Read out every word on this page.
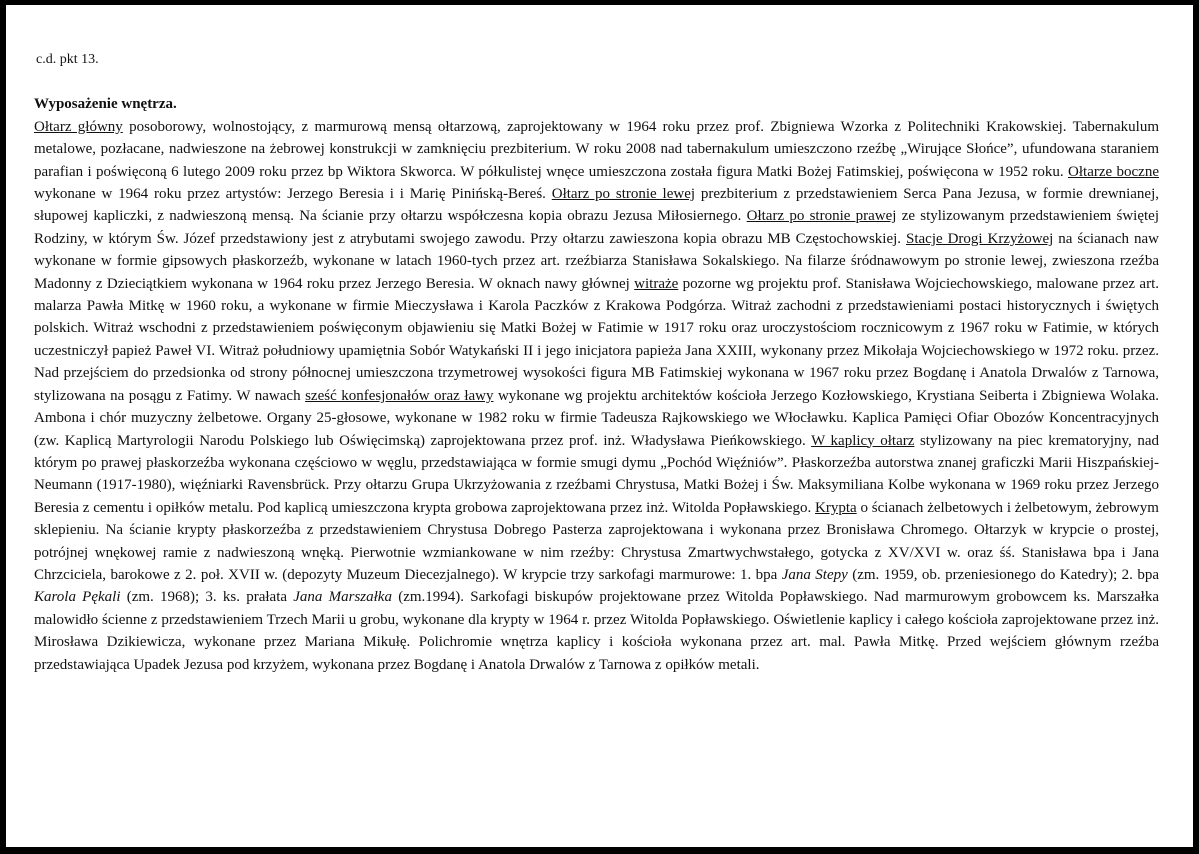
c.d. pkt 13.

Wyposażenie wnętrza.

Ołtarz główny posoborowy, wolnostojący, z marmurową mensą ołtarzową, zaprojektowany w 1964 roku przez prof. Zbigniewa Wzorka z Politechniki Krakowskiej. Tabernakulum metalowe, pozłacane, nadwieszone na żebrowej konstrukcji w zamknięciu prezbiterium. W roku 2008 nad tabernakulum umieszczono rzeźbę „Wirujące Słońce”, ufundowana staraniem parafian i poświęconą 6 lutego 2009 roku przez bp Wiktora Skworca. W półkulistej wnęce umieszczona została figura Matki Bożej Fatimskiej, poświęcona w 1952 roku. Ołtarze boczne wykonane w 1964 roku przez artystów: Jerzego Beresia i i Marię Pinińską-Bereś. Ołtarz po stronie lewej prezbiterium z przedstawieniem Serca Pana Jezusa, w formie drewnianej, słupowej kapliczki, z nadwieszoną mensą. Na ścianie przy ołtarzu współczesna kopia obrazu Jezusa Miłosiernego. Ołtarz po stronie prawej ze stylizowanym przedstawieniem świętej Rodziny, w którym Św. Józef przedstawiony jest z atrybutami swojego zawodu. Przy ołtarzu zawieszona kopia obrazu MB Częstochowskiej. Stacje Drogi Krzyżowej na ścianach naw wykonane w formie gipsowych płaskorzeźb, wykonane w latach 1960-tych przez art. rzeźbiarza Stanisława Sokalskiego. Na filarze śródnawowym po stronie lewej, zwieszona rzeźba Madonny z Dzieciątkiem wykonana w 1964 roku przez Jerzego Beresia. W oknach nawy głównej witraże pozorne wg projektu prof. Stanisława Wojciechowskiego, malowane przez art. malarza Pawła Mitkę w 1960 roku, a wykonane w firmie Mieczysława i Karola Paczków z Krakowa Podgórza. Witraż zachodni z przedstawieniami postaci historycznych i świętych polskich. Witraż wschodni z przedstawieniem poświęconym objawieniu się Matki Bożej w Fatimie w 1917 roku oraz uroczystościom rocznicowym z 1967 roku w Fatimie, w których uczestniczył papież Paweł VI. Witraż południowy upamiętnia Sobór Watykański II i jego inicjatora papieża Jana XXIII, wykonany przez Mikołaja Wojciechowskiego w 1972 roku. przez. Nad przejściem do przedsionka od strony północnej umieszczona trzymetrowej wysokości figura MB Fatimskiej wykonana w 1967 roku przez Bogdanę i Anatola Drwalów z Tarnowa, stylizowana na posągu z Fatimy. W nawach sześć konfesjonałów oraz ławy wykonane wg projektu architektów kościoła Jerzego Kozłowskiego, Krystiana Seiberta i Zbigniewa Wolaka. Ambona i chór muzyczny żelbetowe. Organy 25-głosowe, wykonane w 1982 roku w firmie Tadeusza Rajkowskiego we Włocławku. Kaplica Pamięci Ofiar Obozów Koncentracyjnych (zw. Kaplicą Martyrologii Narodu Polskiego lub Oświęcimską) zaprojektowana przez prof. inż. Władysława Pieńkowskiego. W kaplicy ołtarz stylizowany na piec krematoryjny, nad którym po prawej płaskorzeźba wykonana częściowo w węglu, przedstawiająca w formie smugi dymu „Pochód Więźniów”. Płaskorzeźba autorstwa znanej graficzki Marii Hiszpańskiej-Neumann (1917-1980), więźniarki Ravensbrück. Przy ołtarzu Grupa Ukrzyżowania z rzeźbami Chrystusa, Matki Bożej i Św. Maksymiliana Kolbe wykonana w 1969 roku przez Jerzego Beresia z cementu i opiłków metalu. Pod kaplicą umieszczona krypta grobowa zaprojektowana przez inż. Witolda Popławskiego. Krypta o ścianach żelbetowych i żelbetowym, żebrowym sklepieniu. Na ścianie krypty płaskorzeźba z przedstawieniem Chrystusa Dobrego Pasterza zaprojektowana i wykonana przez Bronisława Chromego. Ołtarzyk w krypcie o prostej, potrójnej wnękowej ramie z nadwieszoną wnęką. Pierwotnie wzmiankowane w nim rzeźby: Chrystusa Zmartwychwstałego, gotycka z XV/XVI w. oraz śś. Stanisława bpa i Jana Chrzciciela, barokowe z 2. poł. XVII w. (depozyty Muzeum Diecezjalnego). W krypcie trzy sarkofagi marmurowe: 1. bpa Jana Stepy (zm. 1959, ob. przeniesionego do Katedry); 2. bpa Karola Pękali (zm. 1968); 3. ks. prałata Jana Marszałka (zm.1994). Sarkofagi biskupów projektowane przez Witolda Popławskiego. Nad marmurowym grobowcem ks. Marszałka malowidło ścienne z przedstawieniem Trzech Marii u grobu, wykonane dla krypty w 1964 r. przez Witolda Popławskiego. Oświetlenie kaplicy i całego kościoła zaprojektowane przez inż. Mirosława Dzikiewicza, wykonane przez Mariana Mikułę. Polichromie wnętrza kaplicy i kościoła wykonana przez art. mal. Pawła Mitkę. Przed wejściem głównym rzeźba przedstawiająca Upadek Jezusa pod krzyżem, wykonana przez Bogdanę i Anatola Drwalów z Tarnowa z opiłków metali.
